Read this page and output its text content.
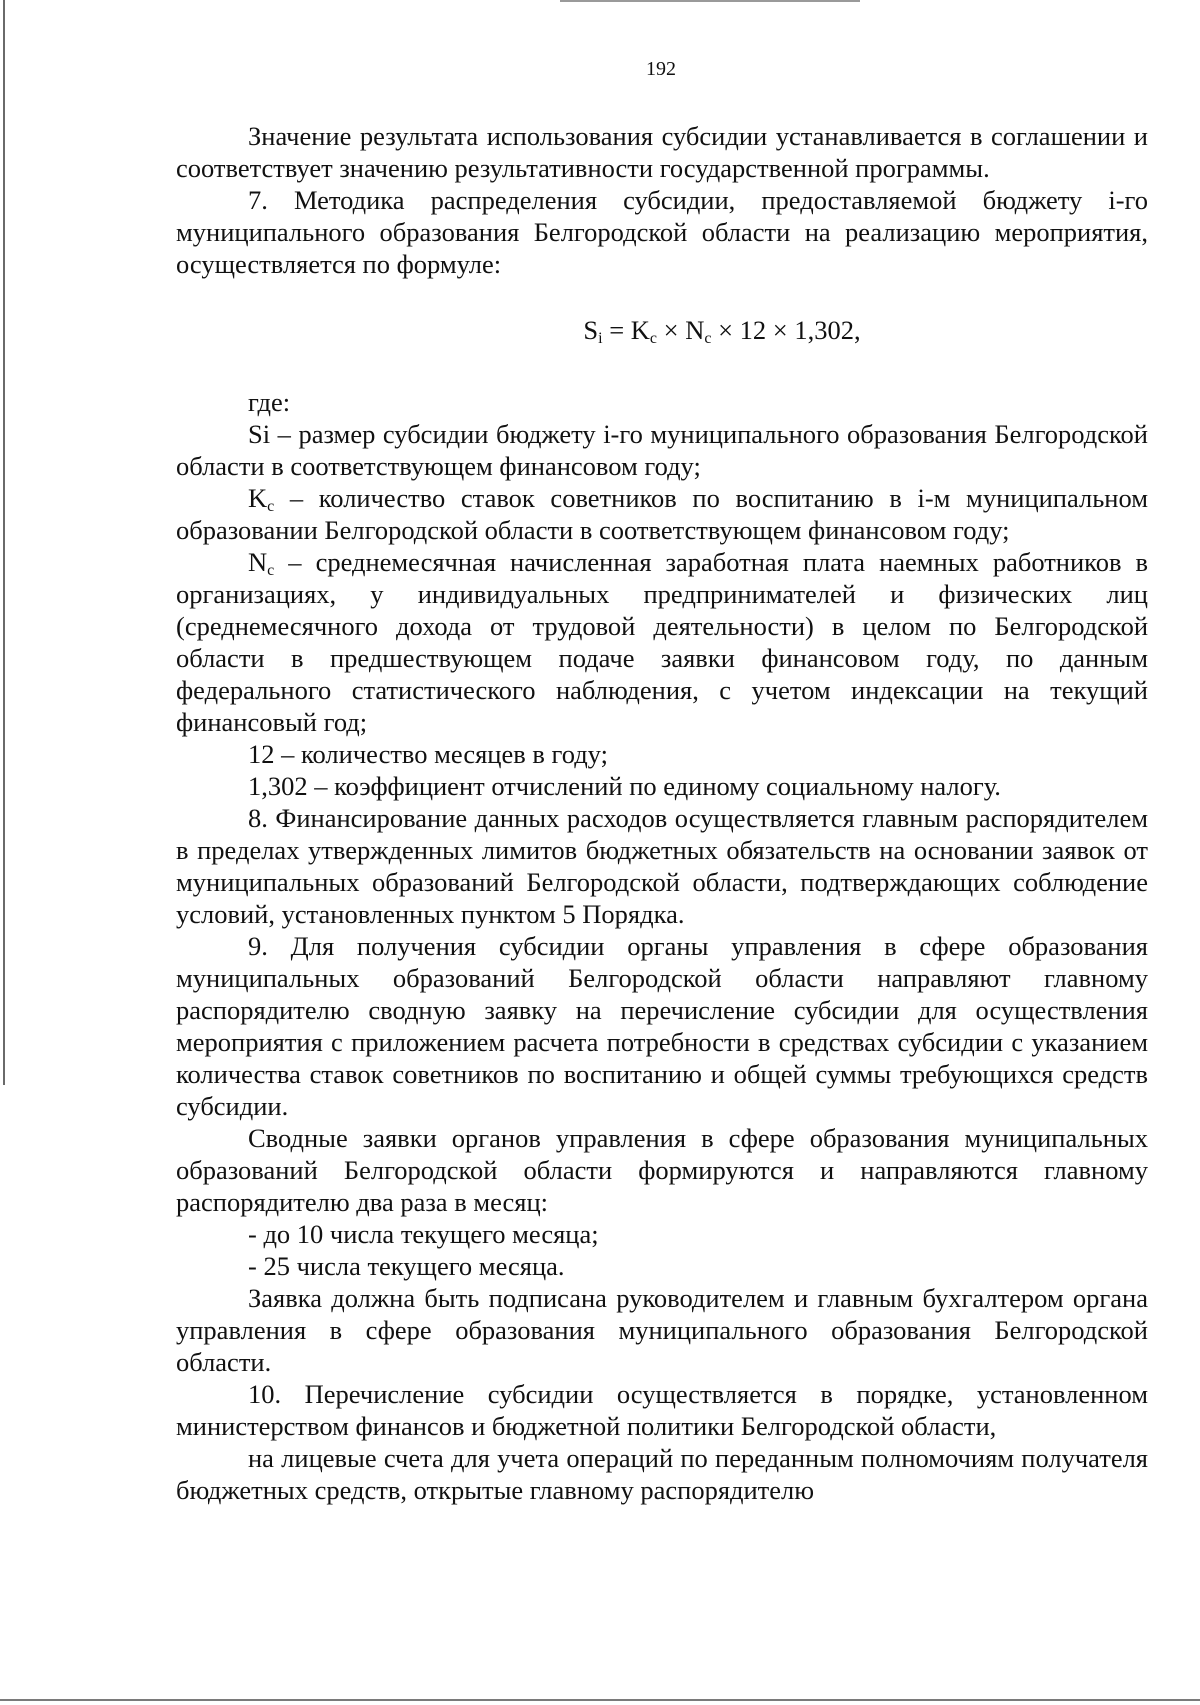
192

Значение результата использования субсидии устанавливается в соглашении и соответствует значению результативности государственной программы.

7. Методика распределения субсидии, предоставляемой бюджету i-го муниципального образования Белгородской области на реализацию мероприятия, осуществляется по формуле:

$S_i = K_c \times N_c \times 12 \times 1,302$,

где:

Si – размер субсидии бюджету i-го муниципального образования Белгородской области в соответствующем финансовом году;

$K_c$ – количество ставок советников по воспитанию в i-м муниципальном образовании Белгородской области в соответствующем финансовом году;

$N_c$ – среднемесячная начисленная заработная плата наемных работников в организациях, у индивидуальных предпринимателей и физических лиц (среднемесячного дохода от трудовой деятельности) в целом по Белгородской области в предшествующем подаче заявки финансовом году, по данным федерального статистического наблюдения, с учетом индексации на текущий финансовый год;

12 – количество месяцев в году;

1,302 – коэффициент отчислений по единому социальному налогу.

8. Финансирование данных расходов осуществляется главным распорядителем в пределах утвержденных лимитов бюджетных обязательств на основании заявок от муниципальных образований Белгородской области, подтверждающих соблюдение условий, установленных пунктом 5 Порядка.

9. Для получения субсидии органы управления в сфере образования муниципальных образований Белгородской области направляют главному распорядителю сводную заявку на перечисление субсидии для осуществления мероприятия с приложением расчета потребности в средствах субсидии с указанием количества ставок советников по воспитанию и общей суммы требующихся средств субсидии.

Сводные заявки органов управления в сфере образования муниципальных образований Белгородской области формируются и направляются главному распорядителю два раза в месяц:

- до 10 числа текущего месяца;

- 25 числа текущего месяца.

Заявка должна быть подписана руководителем и главным бухгалтером органа управления в сфере образования муниципального образования Белгородской области.

10. Перечисление субсидии осуществляется в порядке, установленном министерством финансов и бюджетной политики Белгородской области,

на лицевые счета для учета операций по переданным полномочиям получателя бюджетных средств, открытые главному распорядителю
